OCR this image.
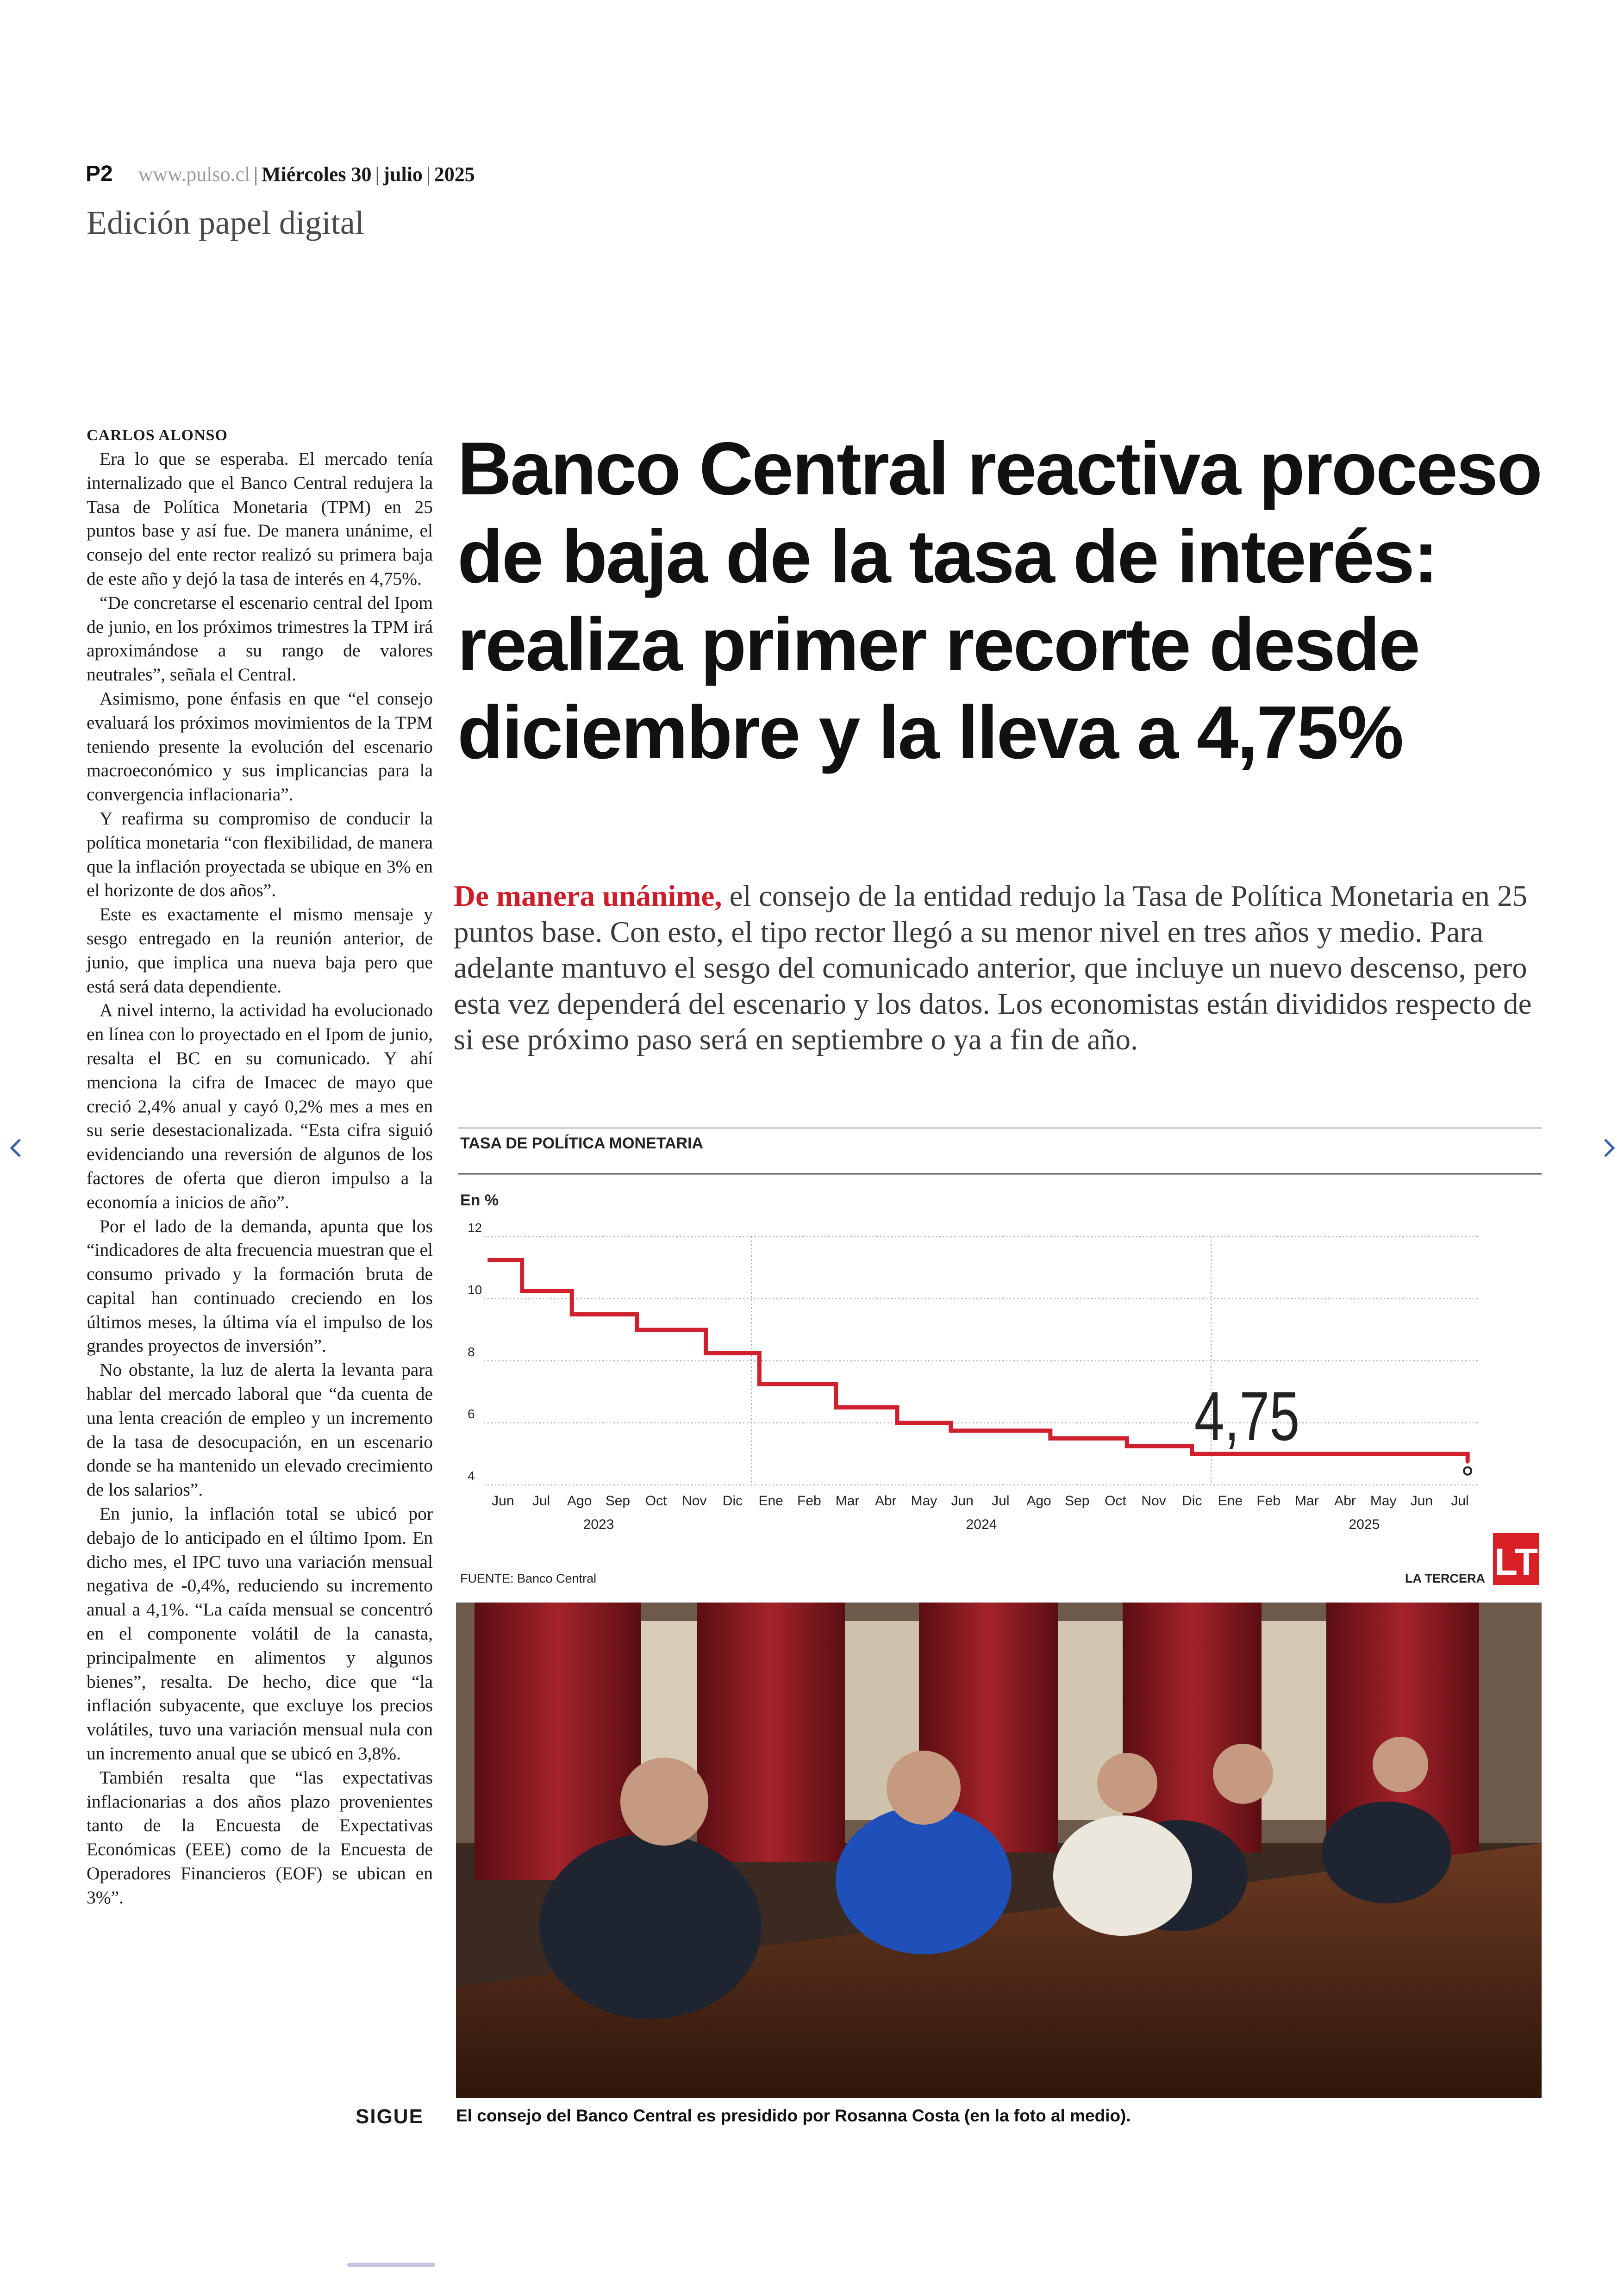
P2 www.pulso.cl | Miércoles 30 | julio | 2025
Edición papel digital
CARLOS ALONSO

Era lo que se esperaba. El mercado tenía internalizado que el Banco Central redujera la Tasa de Política Monetaria (TPM) en 25 puntos base y así fue. De manera unánime, el consejo del ente rector realizó su primera baja de este año y dejó la tasa de interés en 4,75%.

“De concretarse el escenario central del Ipom de junio, en los próximos trimestres la TPM irá aproximándose a su rango de valores neutrales”, señala el Central.

Asimismo, pone énfasis en que “el consejo evaluará los próximos movimientos de la TPM teniendo presente la evolución del escenario macroeconómico y sus implicancias para la convergencia inflacionaria”.

Y reafirma su compromiso de conducir la política monetaria “con flexibilidad, de manera que la inflación proyectada se ubique en 3% en el horizonte de dos años”.

Este es exactamente el mismo mensaje y sesgo entregado en la reunión anterior, de junio, que implica una nueva baja pero que está será data dependiente.

A nivel interno, la actividad ha evolucionado en línea con lo proyectado en el Ipom de junio, resalta el BC en su comunicado. Y ahí menciona la cifra de Imacec de mayo que creció 2,4% anual y cayó 0,2% mes a mes en su serie desestacionalizada. “Esta cifra siguió evidenciando una reversión de algunos de los factores de oferta que dieron impulso a la economía a inicios de año”.

Por el lado de la demanda, apunta que los “indicadores de alta frecuencia muestran que el consumo privado y la formación bruta de capital han continuado creciendo en los últimos meses, la última vía el impulso de los grandes proyectos de inversión”.

No obstante, la luz de alerta la levanta para hablar del mercado laboral que “da cuenta de una lenta creación de empleo y un incremento de la tasa de desocupación, en un escenario donde se ha mantenido un elevado crecimiento de los salarios”.

En junio, la inflación total se ubicó por debajo de lo anticipado en el último Ipom. En dicho mes, el IPC tuvo una variación mensual negativa de -0,4%, reduciendo su incremento anual a 4,1%. “La caída mensual se concentró en el componente volátil de la canasta, principalmente en alimentos y algunos bienes”, resalta. De hecho, dice que “la inflación subyacente, que excluye los precios volátiles, tuvo una variación mensual nula con un incremento anual que se ubicó en 3,8%.

También resalta que “las expectativas inflacionarias a dos años plazo provenientes tanto de la Encuesta de Expectativas Económicas (EEE) como de la Encuesta de Operadores Financieros (EOF) se ubican en 3%”.

SIGUE
Banco Central reactiva proceso de baja de la tasa de interés: realiza primer recorte desde diciembre y la lleva a 4,75%

De manera unánime, el consejo de la entidad redujo la Tasa de Política Monetaria en 25 puntos base. Con esto, el tipo rector llegó a su menor nivel en tres años y medio. Para adelante mantuvo el sesgo del comunicado anterior, que incluye un nuevo descenso, pero esta vez dependerá del escenario y los datos. Los economistas están divididos respecto de si ese próximo paso será en septiembre o ya a fin de año.

TASA DE POLÍTICA MONETARIA
En %
4
6
8
10
12
Jun Jul Ago Sep Oct Nov Dic Ene Feb Mar Abr May Jun Jul Ago Sep Oct Nov Dic Ene Feb Mar Abr May Jun Jul
2023	2024	2025
4,75
FUENTE: Banco Central	LA TERCERA LT
El consejo del Banco Central es presidido por Rosanna Costa (en la foto al medio).
